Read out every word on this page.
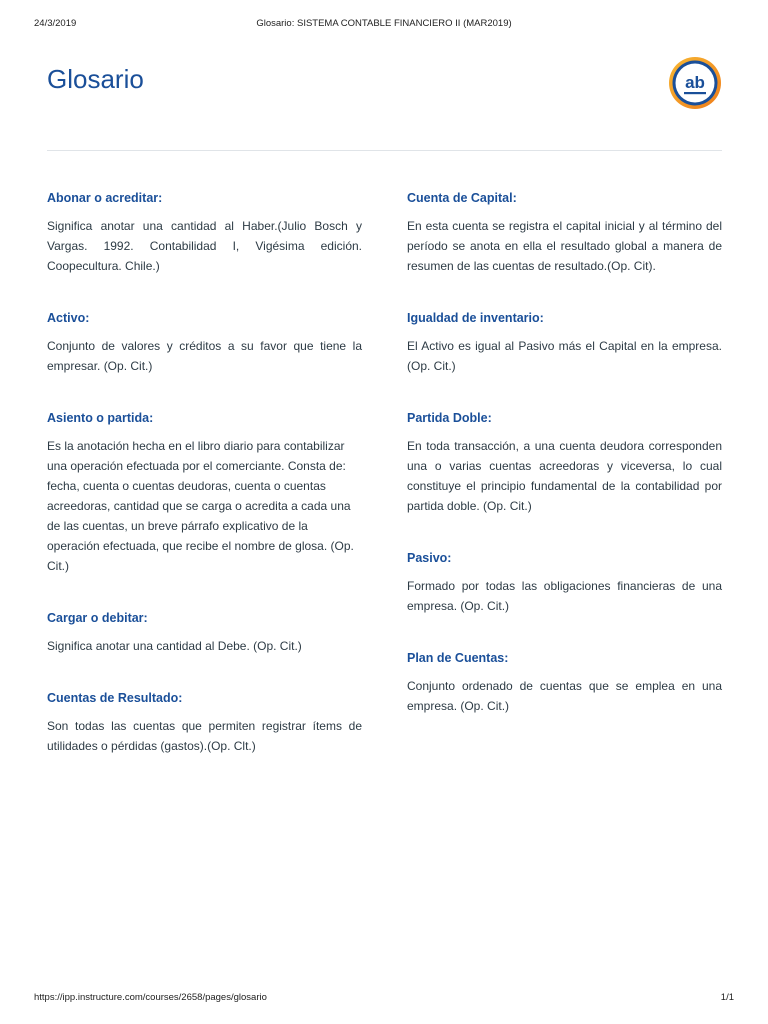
24/3/2019	Glosario: SISTEMA CONTABLE FINANCIERO II (MAR2019)
Glosario	ab
Abonar o acreditar:

Significa anotar una cantidad al Haber.(Julio Bosch y Vargas. 1992. Contabilidad I, Vigésima edición. Coopecultura. Chile.)

Activo:

Conjunto de valores y créditos a su favor que tiene la empresar. (Op. Cit.)

Asiento o partida:

Es la anotación hecha en el libro diario para contabilizar una operación efectuada por el comerciante. Consta de: fecha, cuenta o cuentas deudoras, cuenta o cuentas acreedoras, cantidad que se carga o acredita a cada una de las cuentas, un breve párrafo explicativo de la operación efectuada, que recibe el nombre de glosa. (Op. Cit.)

Cargar o debitar:

Significa anotar una cantidad al Debe. (Op. Cit.)

Cuentas de Resultado:

Son todas las cuentas que permiten registrar ítems de utilidades o pérdidas (gastos).(Op. Clt.)

Cuenta de Capital:

En esta cuenta se registra el capital inicial y al término del período se anota en ella el resultado global a manera de resumen de las cuentas de resultado.(Op. Cit).

Igualdad de inventario:

El Activo es igual al Pasivo más el Capital en la empresa. (Op. Cit.)

Partida Doble:

En toda transacción, a una cuenta deudora corresponden una o varias cuentas acreedoras y viceversa, lo cual constituye el principio fundamental de la contabilidad por partida doble. (Op. Cit.)

Pasivo:

Formado por todas las obligaciones financieras de una empresa. (Op. Cit.)

Plan de Cuentas:

Conjunto ordenado de cuentas que se emplea en una empresa. (Op. Cit.)

https://ipp.instructure.com/courses/2658/pages/glosario	1/1
